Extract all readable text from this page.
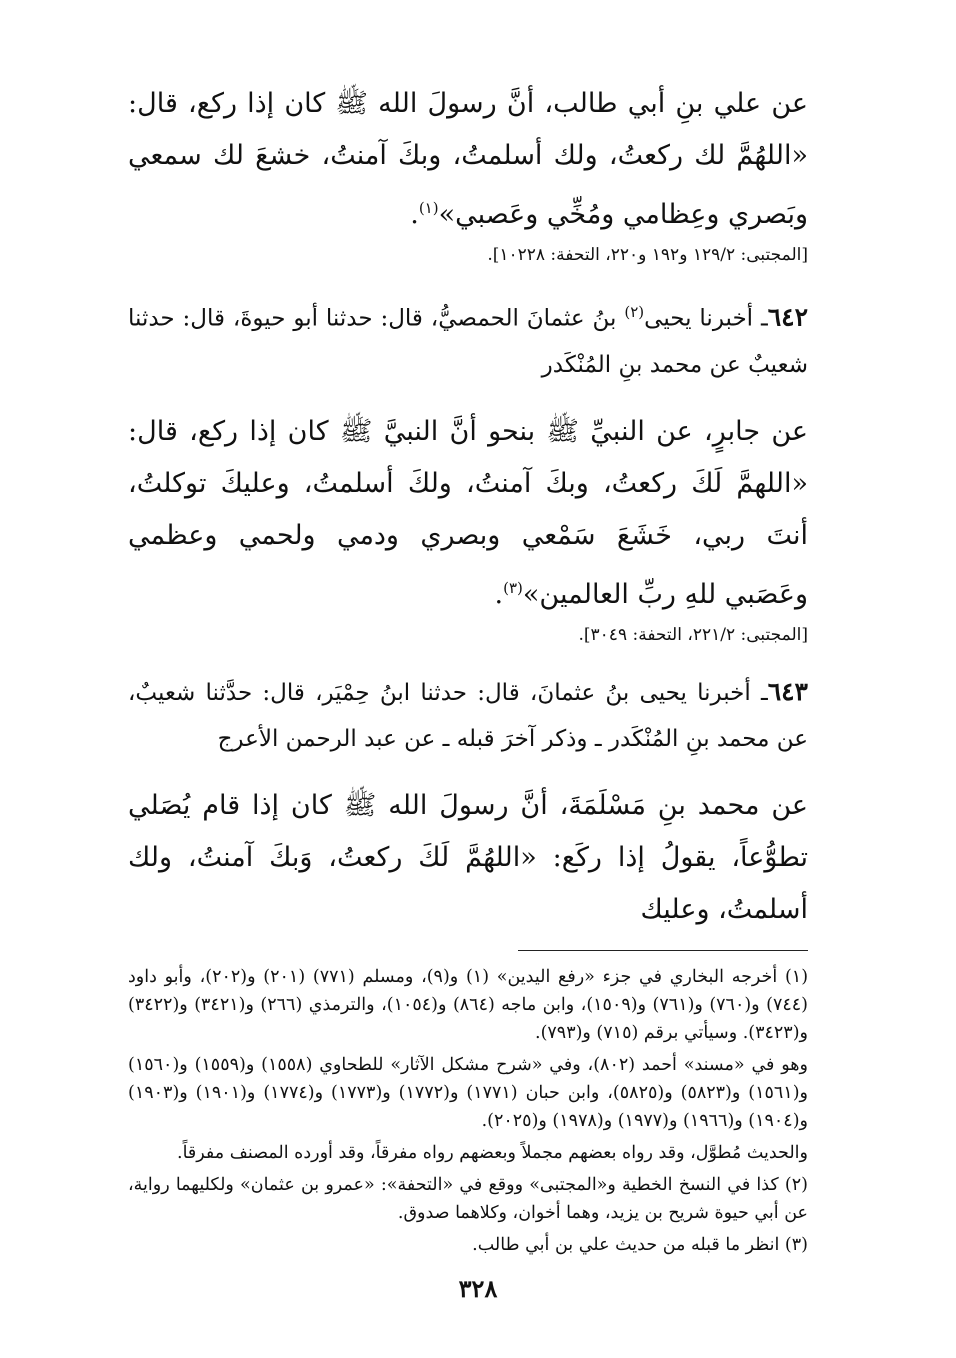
عن علي بنِ أبي طالب، أنَّ رسولَ الله ﷺ كان إذا ركع، قال: «اللهُمَّ لك ركعتُ، ولك أسلمتُ، وبكَ آمنتُ، خشعَ لك سمعي وبَصري وعِظامي ومُخِّي وعَصبي»$^{(١)}$.

[المجتبى: ١٢٩/٢ و١٩٢ و٢٢٠، التحفة: ١٠٢٢٨].

٦٤٢ـ أخبرنا يحيى$^{(٢)}$ بنُ عثمانَ الحمصيُّ، قال: حدثنا أبو حيوةَ، قال: حدثنا شعيبٌ عن محمد بنِ المُنْكَدر

عن جابرٍ، عن النبيِّ ﷺ بنحو أنَّ النبيَّ ﷺ كان إذا ركع، قال: «اللهمَّ لَكَ ركعتُ، وبكَ آمنتُ، ولكَ أسلمتُ، وعليكَ توكلتُ، أنتَ ربي، خَشَعَ سَمْعي وبصري ودمي ولحمي وعظمي وعَصَبي للهِ ربِّ العالمين»$^{(٣)}$.

[المجتبى: ٢٢١/٢، التحفة: ٣٠٤٩].

٦٤٣ـ أخبرنا يحيى بنُ عثمانَ، قال: حدثنا ابنُ حِمْيَر، قال: حدَّثنا شعيبٌ، عن محمد بنِ المُنْكَدر ـ وذكر آخرَ قبله ـ عن عبد الرحمن الأعرج

عن محمد بنِ مَسْلَمَةَ، أنَّ رسولَ الله ﷺ كان إذا قام يُصَلي تطوُّعاً، يقولُ إذا ركَع: «اللهُمَّ لَكَ ركعتُ، وَبكَ آمنتُ، ولك أسلمتُ، وعليك

(١) أخرجه البخاري في جزء «رفع اليدين» (١) و(٩)، ومسلم (٧٧١) (٢٠١) و(٢٠٢)، وأبو داود (٧٤٤) و(٧٦٠) و(٧٦١) و(١٥٠٩)، وابن ماجه (٨٦٤) و(١٠٥٤)، والترمذي (٢٦٦) و(٣٤٢١) و(٣٤٢٢) و(٣٤٢٣). وسيأتي برقم (٧١٥) و(٧٩٣).

وهو في «مسند» أحمد (٨٠٢)، وفي «شرح مشكل الآثار» للطحاوي (١٥٥٨) و(١٥٥٩) و(١٥٦٠) و(١٥٦١) و(٥٨٢٣) و(٥٨٢٥)، وابن حبان (١٧٧١) و(١٧٧٢) و(١٧٧٣) و(١٧٧٤) و(١٩٠١) و(١٩٠٣) و(١٩٠٤) و(١٩٦٦) و(١٩٧٧) و(١٩٧٨) و(٢٠٢٥).

والحديث مُطوَّل، وقد رواه بعضهم مجملاً وبعضهم رواه مفرقاً، وقد أورده المصنف مفرقاً.

(٢) كذا في النسخ الخطية و«المجتبى» ووقع في «التحفة»: «عمرو بن عثمان» ولكليهما رواية، عن أبي حيوة شريح بن يزيد، وهما أخوان، وكلاهما صدوق.

(٣) انظر ما قبله من حديث علي بن أبي طالب.

٣٢٨
